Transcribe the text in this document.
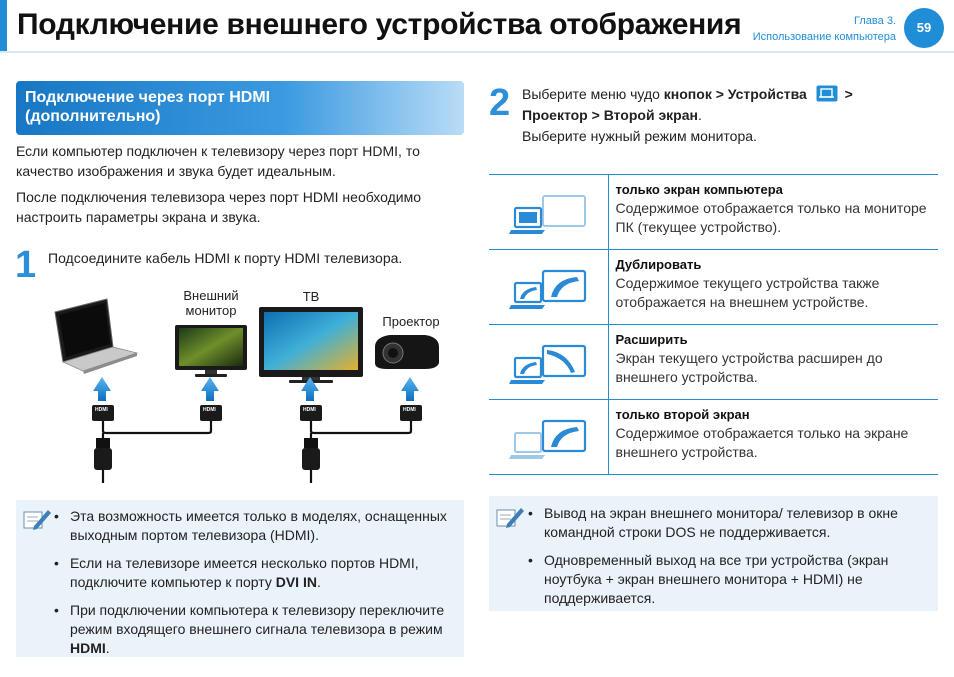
Подключение внешнего устройства отображения	Глава 3.
Использование компьютера
59
Подключение через порт HDMI
(дополнительно)
Если компьютер подключен к телевизору через порт HDMI, то качество изображения и звука будет идеальным.
После подключения телевизора через порт HDMI необходимо настроить параметры экрана и звука.
1 Подсоедините кабель HDMI к порту HDMI телевизора.
Внешний
монитор
ТВ
Проектор
HDMI	HDMI	HDMI	HDMI
• Эта возможность имеется только в моделях, оснащенных выходным портом телевизора (HDMI).
• Если на телевизоре имеется несколько портов HDMI, подключите компьютер к порту DVI IN.
• При подключении компьютера к телевизору переключите режим входящего внешнего сигнала телевизора в режим HDMI.
2 Выберите меню чудо кнопок > Устройства  >
Проектор > Второй экран.
Выберите нужный режим монитора.

только экран компьютера
Содержимое отображается только на мониторе ПК (текущее устройство).

Дублировать
Содержимое текущего устройства также отображается на внешнем устройстве.

Расширить
Экран текущего устройства расширен до внешнего устройства.

только второй экран
Содержимое отображается только на экране внешнего устройства.
• Вывод на экран внешнего монитора/ телевизор в окне командной строки DOS не поддерживается.
• Одновременный выход на все три устройства (экран ноутбука + экран внешнего монитора + HDMI) не поддерживается.
